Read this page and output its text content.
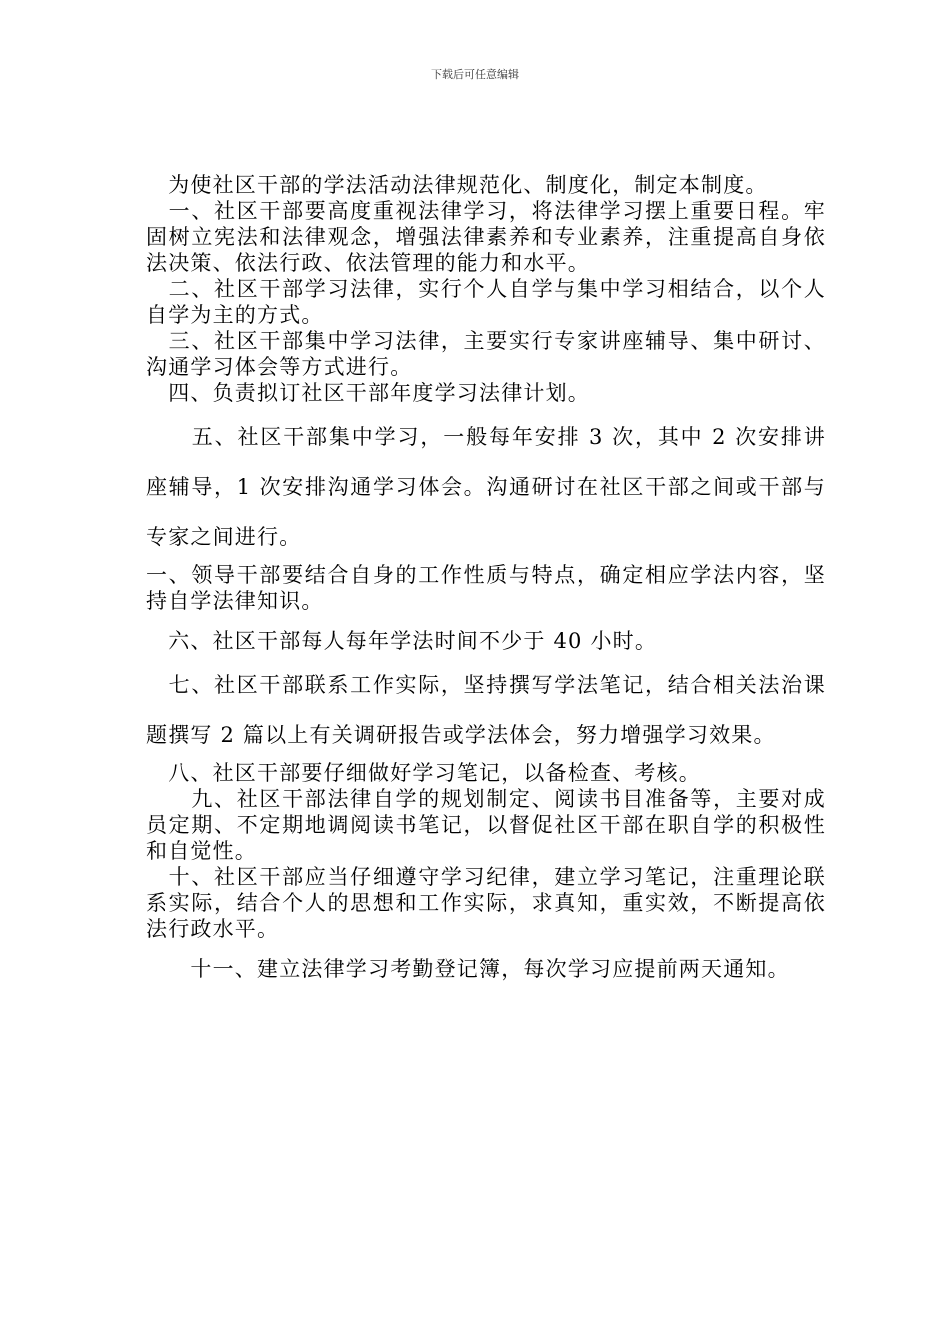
下载后可任意编辑

　为使社区干部的学法活动法律规范化、制度化，制定本制度。

　一、社区干部要高度重视法律学习，将法律学习摆上重要日程。牢固树立宪法和法律观念，增强法律素养和专业素养，注重提高自身依法决策、依法行政、依法管理的能力和水平。

　二、社区干部学习法律，实行个人自学与集中学习相结合，以个人自学为主的方式。

　三、社区干部集中学习法律，主要实行专家讲座辅导、集中研讨、沟通学习体会等方式进行。

　四、负责拟订社区干部年度学习法律计划。

　　五、社区干部集中学习，一般每年安排 3 次，其中 2 次安排讲座辅导，1 次安排沟通学习体会。沟通研讨在社区干部之间或干部与专家之间进行。

一、领导干部要结合自身的工作性质与特点，确定相应学法内容，坚持自学法律知识。

　六、社区干部每人每年学法时间不少于 40 小时。

　七、社区干部联系工作实际，坚持撰写学法笔记，结合相关法治课题撰写 2 篇以上有关调研报告或学法体会，努力增强学习效果。

　八、社区干部要仔细做好学习笔记，以备检查、考核。

　　九、社区干部法律自学的规划制定、阅读书目准备等，主要对成员定期、不定期地调阅读书笔记，以督促社区干部在职自学的积极性和自觉性。

　十、社区干部应当仔细遵守学习纪律，建立学习笔记，注重理论联系实际，结合个人的思想和工作实际，求真知，重实效，不断提高依法行政水平。

　　十一、建立法律学习考勤登记簿，每次学习应提前两天通知。
